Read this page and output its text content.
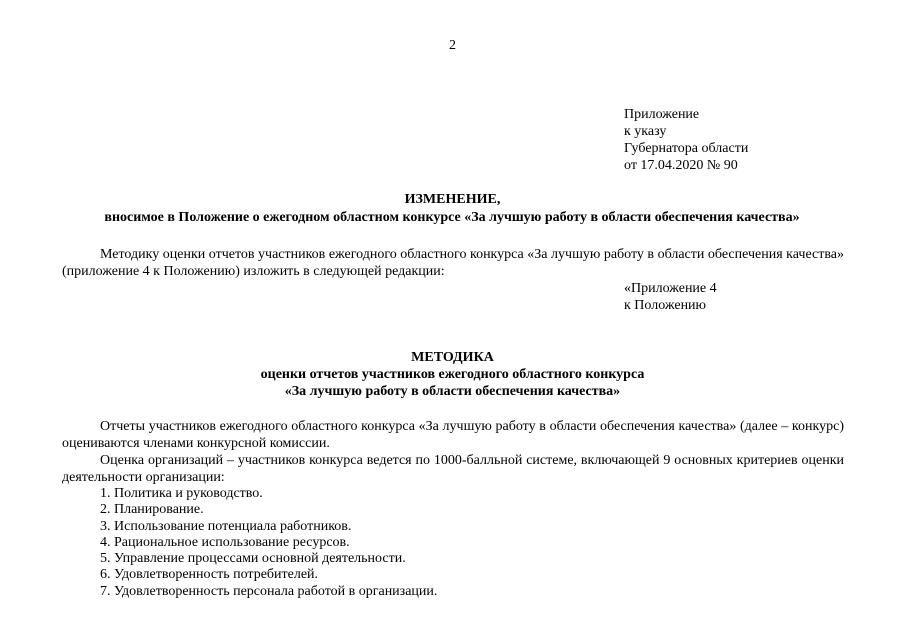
2
Приложение
к указу
Губернатора области
от 17.04.2020 № 90
ИЗМЕНЕНИЕ,
вносимое в Положение о ежегодном областном конкурсе «За лучшую работу в области обеспечения качества»
Методику оценки отчетов участников ежегодного областного конкурса «За лучшую работу в области обеспечения качества» (приложение 4 к Положению) изложить в следующей редакции:
«Приложение 4
к Положению
МЕТОДИКА
оценки отчетов участников ежегодного областного конкурса
«За лучшую работу в области обеспечения качества»
Отчеты участников ежегодного областного конкурса «За лучшую работу в области обеспечения качества» (далее – конкурс) оцениваются членами конкурсной комиссии.
Оценка организаций – участников конкурса ведется по 1000-балльной системе, включающей 9 основных критериев оценки деятельности организации:
1. Политика и руководство.
2. Планирование.
3. Использование потенциала работников.
4. Рациональное использование ресурсов.
5. Управление процессами основной деятельности.
6. Удовлетворенность потребителей.
7. Удовлетворенность персонала работой в организации.
